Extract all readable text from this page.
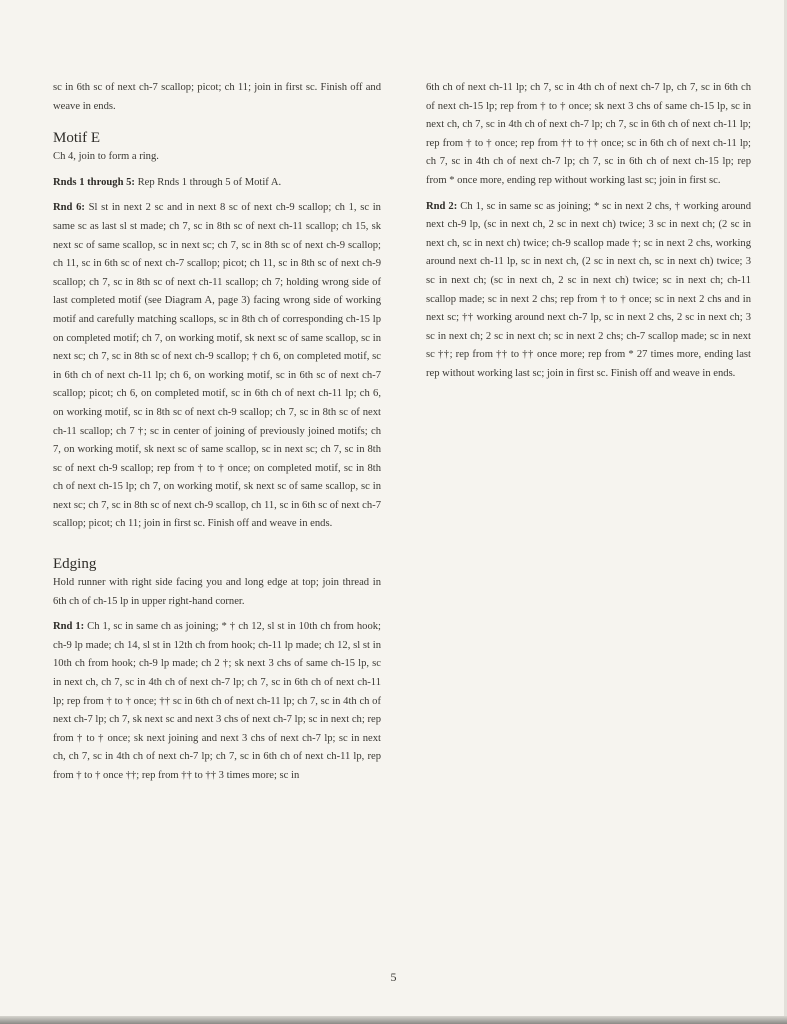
sc in 6th sc of next ch-7 scallop; picot; ch 11; join in first sc. Finish off and weave in ends.

Motif E

Ch 4, join to form a ring.

Rnds 1 through 5: Rep Rnds 1 through 5 of Motif A.

Rnd 6: Sl st in next 2 sc and in next 8 sc of next ch-9 scallop; ch 1, sc in same sc as last sl st made; ch 7, sc in 8th sc of next ch-11 scallop; ch 15, sk next sc of same scallop, sc in next sc; ch 7, sc in 8th sc of next ch-9 scallop; ch 11, sc in 6th sc of next ch-7 scallop; picot; ch 11, sc in 8th sc of next ch-9 scallop; ch 7, sc in 8th sc of next ch-11 scallop; ch 7; holding wrong side of last completed motif (see Diagram A, page 3) facing wrong side of working motif and carefully matching scallops, sc in 8th ch of corresponding ch-15 lp on completed motif; ch 7, on working motif, sk next sc of same scallop, sc in next sc; ch 7, sc in 8th sc of next ch-9 scallop; † ch 6, on completed motif, sc in 6th ch of next ch-11 lp; ch 6, on working motif, sc in 6th sc of next ch-7 scallop; picot; ch 6, on completed motif, sc in 6th ch of next ch-11 lp; ch 6, on working motif, sc in 8th sc of next ch-9 scallop; ch 7, sc in 8th sc of next ch-11 scallop; ch 7 †; sc in center of joining of previously joined motifs; ch 7, on working motif, sk next sc of same scallop, sc in next sc; ch 7, sc in 8th sc of next ch-9 scallop; rep from † to † once; on completed motif, sc in 8th ch of next ch-15 lp; ch 7, on working motif, sk next sc of same scallop, sc in next sc; ch 7, sc in 8th sc of next ch-9 scallop, ch 11, sc in 6th sc of next ch-7 scallop; picot; ch 11; join in first sc. Finish off and weave in ends.

Edging

Hold runner with right side facing you and long edge at top; join thread in 6th ch of ch-15 lp in upper right-hand corner.

Rnd 1: Ch 1, sc in same ch as joining; * † ch 12, sl st in 10th ch from hook; ch-9 lp made; ch 14, sl st in 12th ch from hook; ch-11 lp made; ch 12, sl st in 10th ch from hook; ch-9 lp made; ch 2 †; sk next 3 chs of same ch-15 lp, sc in next ch, ch 7, sc in 4th ch of next ch-7 lp; ch 7, sc in 6th ch of next ch-11 lp; rep from † to † once; †† sc in 6th ch of next ch-11 lp; ch 7, sc in 4th ch of next ch-7 lp; ch 7, sk next sc and next 3 chs of next ch-7 lp; sc in next ch; rep from † to † once; sk next joining and next 3 chs of next ch-7 lp; sc in next ch, ch 7, sc in 4th ch of next ch-7 lp; ch 7, sc in 6th ch of next ch-11 lp, rep from † to † once ††; rep from †† to †† 3 times more; sc in

6th ch of next ch-11 lp; ch 7, sc in 4th ch of next ch-7 lp, ch 7, sc in 6th ch of next ch-15 lp; rep from † to † once; sk next 3 chs of same ch-15 lp, sc in next ch, ch 7, sc in 4th ch of next ch-7 lp; ch 7, sc in 6th ch of next ch-11 lp; rep from † to † once; rep from †† to †† once; sc in 6th ch of next ch-11 lp; ch 7, sc in 4th ch of next ch-7 lp; ch 7, sc in 6th ch of next ch-15 lp; rep from * once more, ending rep without working last sc; join in first sc.

Rnd 2: Ch 1, sc in same sc as joining; * sc in next 2 chs, † working around next ch-9 lp, (sc in next ch, 2 sc in next ch) twice; 3 sc in next ch; (2 sc in next ch, sc in next ch) twice; ch-9 scallop made †; sc in next 2 chs, working around next ch-11 lp, sc in next ch, (2 sc in next ch, sc in next ch) twice; 3 sc in next ch; (sc in next ch, 2 sc in next ch) twice; sc in next ch; ch-11 scallop made; sc in next 2 chs; rep from † to † once; sc in next 2 chs and in next sc; †† working around next ch-7 lp, sc in next 2 chs, 2 sc in next ch; 3 sc in next ch; 2 sc in next ch; sc in next 2 chs; ch-7 scallop made; sc in next sc ††; rep from †† to †† once more; rep from * 27 times more, ending last rep without working last sc; join in first sc. Finish off and weave in ends.

5
